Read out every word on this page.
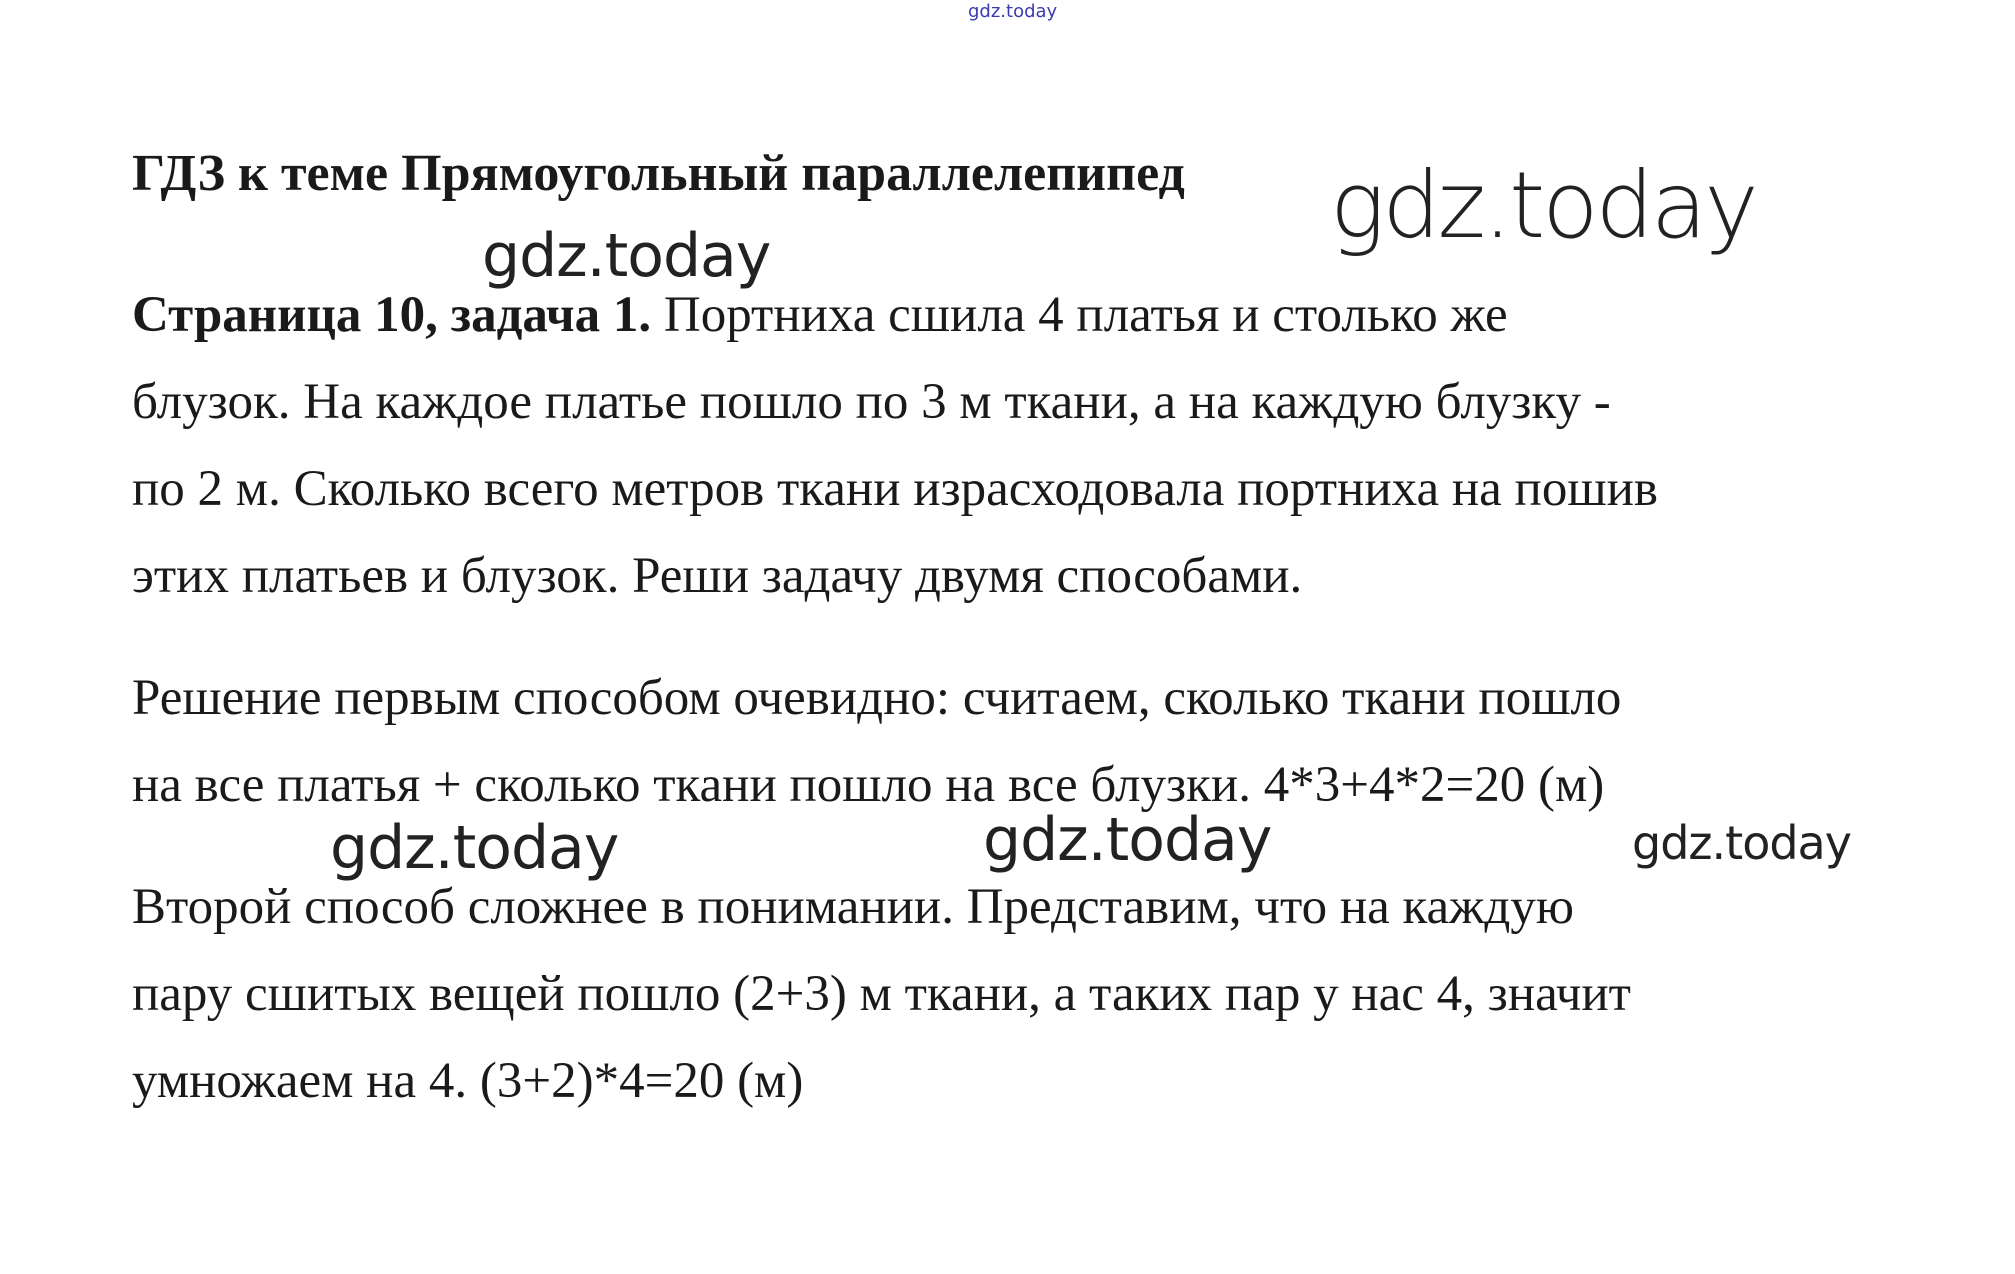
gdz.today
ГДЗ к теме Прямоугольный параллелепипед gdz.today
gdz.today
Страница 10, задача 1. Портниха сшила 4 платья и столько же
блузок. На каждое платье пошло по 3 м ткани, а на каждую блузку -
по 2 м. Сколько всего метров ткани израсходовала портниха на пошив
этих платьев и блузок. Реши задачу двумя способами.
Решение первым способом очевидно: считаем, сколько ткани пошло
на все платья + сколько ткани пошло на все блузки. 4*3+4*2=20 (м)
gdz.today	gdz.today	gdz.today
Второй способ сложнее в понимании. Представим, что на каждую
пару сшитых вещей пошло (2+3) м ткани, а таких пар у нас 4, значит
умножаем на 4. (3+2)*4=20 (м)
